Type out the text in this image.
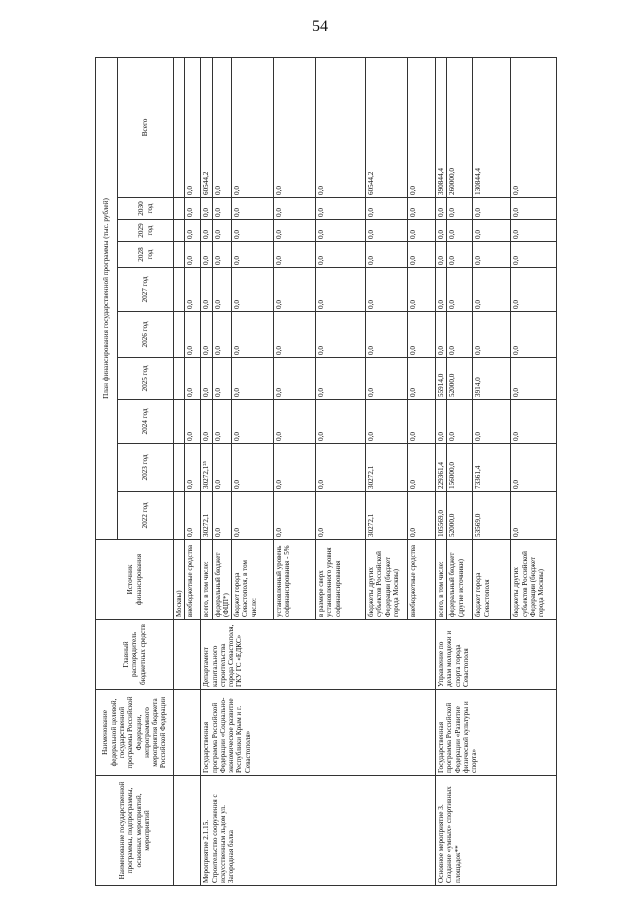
54
Наименование государственной программы, подпрограммы, основных мероприятий, мероприятий	Наименование федеральной целевой, государственной программы Российской Федерации, непрограммного мероприятия бюджета Российской Федерации	Главный распорядитель бюджетных средств	Источник финансирования	План финансирования государственной программы (тыс. рублей)									
				2022 год	2023 год	2024 год	2025 год	2026 год	2027 год	2028 год	2029 год	2030 год	Всего
			Москвы)										
			внебюджетные средства	0,0	0,0	0,0	0,0	0,0	0,0	0,0	0,0	0,0	0,0
Мероприятие 2.1.15. Строительство сооружения с искусственным льдом ул. Загородная балка	Государственная программа Российской Федерации «Социально-экономическое развитие Республики Крым и г. Севастополя»	Департамент капитального строительства города Севастополя, ГКУ ГС «ЕДКС»	всего, в том числе:	30272,1	30272,1²⁵	0,0	0,0	0,0	0,0	0,0	0,0	0,0	60544,2
			федеральный бюджет (ФЦП*)	0,0	0,0	0,0	0,0	0,0	0,0	0,0	0,0	0,0	0,0
			бюджет города Севастополя, в том числе:	0,0	0,0	0,0	0,0	0,0	0,0	0,0	0,0	0,0	0,0
			установленный уровень софинансирования - 5%	0,0	0,0	0,0	0,0	0,0	0,0	0,0	0,0	0,0	0,0
			в размере сверх установленного уровня софинансирования	0,0	0,0	0,0	0,0	0,0	0,0	0,0	0,0	0,0	0,0
			бюджеты других субъектов Российской Федерации (бюджет города Москвы)	30272,1	30272,1	0,0	0,0	0,0	0,0	0,0	0,0	0,0	60544,2
			внебюджетные средства	0,0	0,0	0,0	0,0	0,0	0,0	0,0	0,0	0,0	0,0
Основное мероприятие 3. Создание «умных» спортивных площадок**	Государственная программа Российской Федерации «Развитие физической культуры и спорта»	Управление по делам молодежи и спорта города Севастополя	всего, в том числе:	105569,0	229361,4	0,0	55914,0	0,0	0,0	0,0	0,0	0,0	390844,4
			федеральный бюджет (другие источники)	52000,0	156000,0	0,0	52000,0	0,0	0,0	0,0	0,0	0,0	260000,0
			бюджет города Севастополя	53569,0	73361,4	0,0	3914,0	0,0	0,0	0,0	0,0	0,0	130844,4
			бюджеты других субъектов Российской Федерации (бюджет города Москвы)	0,0	0,0	0,0	0,0	0,0	0,0	0,0	0,0	0,0	0,0
